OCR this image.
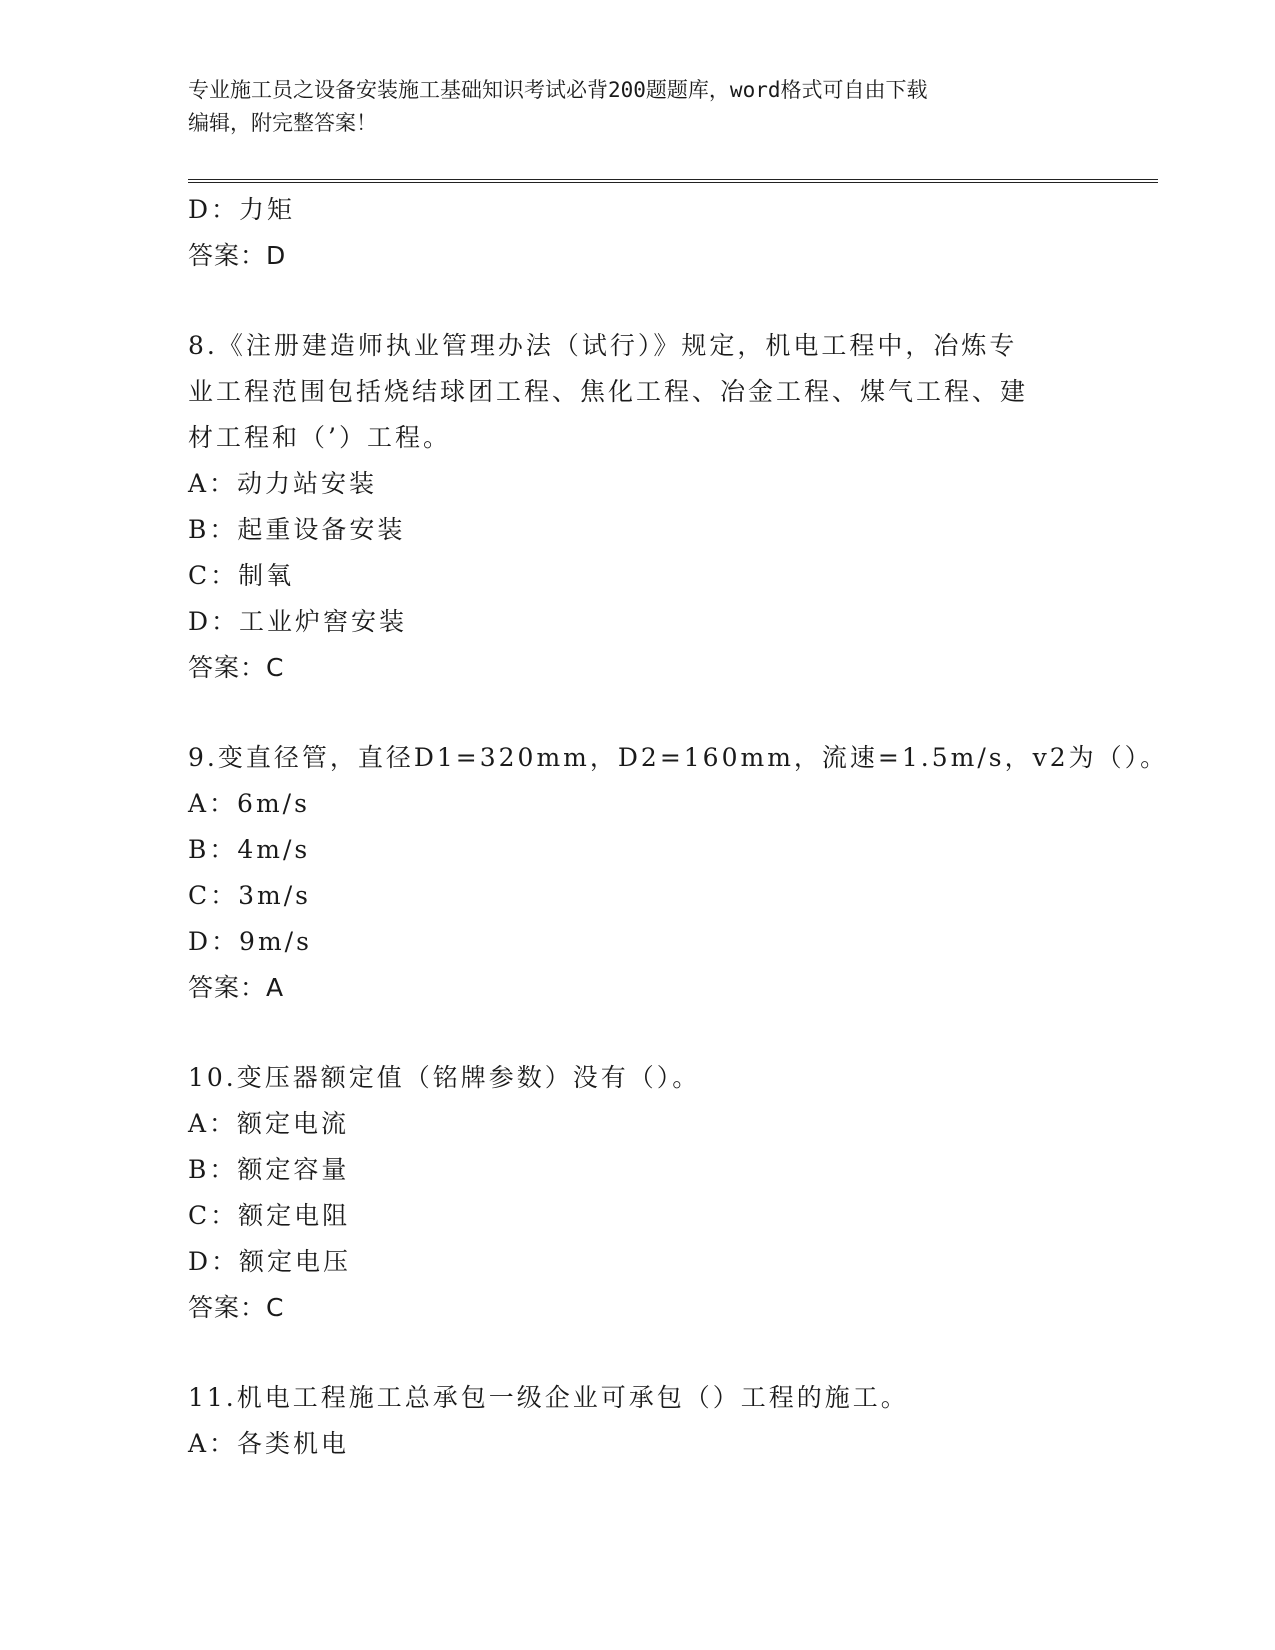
专业施工员之设备安装施工基础知识考试必背200题题库，word格式可自由下载
编辑，附完整答案！
D：力矩
答案：D
8.《注册建造师执业管理办法（试行）》规定，机电工程中，冶炼专
业工程范围包括烧结球团工程、焦化工程、冶金工程、煤气工程、建
材工程和（’）工程。
A：动力站安装
B：起重设备安装
C：制氧
D：工业炉窖安装
答案：C
9.变直径管，直径D1=320mm，D2=160mm，流速=1.5m/s，v2为（）。
A：6m/s
B：4m/s
C：3m/s
D：9m/s
答案：A
10.变压器额定值（铭牌参数）没有（）。
A：额定电流
B：额定容量
C：额定电阻
D：额定电压
答案：C
11.机电工程施工总承包一级企业可承包（）工程的施工。
A：各类机电
